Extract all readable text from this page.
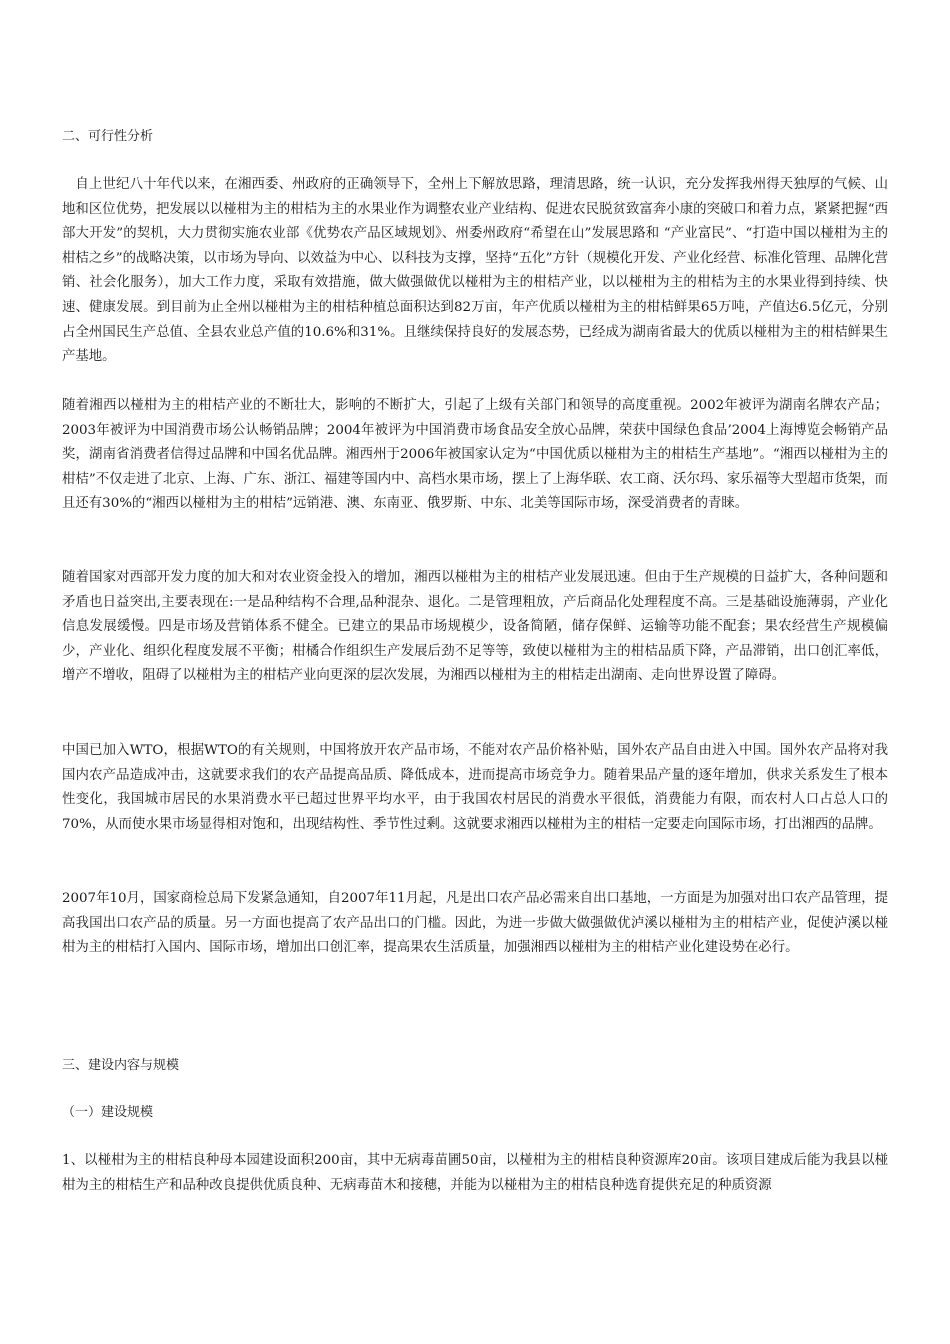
二、可行性分析
自上世纪八十年代以来，在湘西委、州政府的正确领导下，全州上下解放思路，理清思路，统一认识，充分发挥我州得天独厚的气候、山地和区位优势，把发展以以椪柑为主的柑桔为主的水果业作为调整农业产业结构、促进农民脱贫致富奔小康的突破口和着力点，紧紧把握“西部大开发”的契机，大力贯彻实施农业部《优势农产品区域规划》、州委州政府“希望在山”发展思路和 “产业富民”、“打造中国以椪柑为主的柑桔之乡”的战略决策，以市场为导向、以效益为中心、以科技为支撑，坚持“五化”方针（规模化开发、产业化经营、标准化管理、品牌化营销、社会化服务），加大工作力度，采取有效措施，做大做强做优以椪柑为主的柑桔产业，以以椪柑为主的柑桔为主的水果业得到持续、快速、健康发展。到目前为止全州以椪柑为主的柑桔种植总面积达到82万亩，年产优质以椪柑为主的柑桔鲜果65万吨，产值达6.5亿元，分别占全州国民生产总值、全县农业总产值的10.6%和31%。且继续保持良好的发展态势，已经成为湖南省最大的优质以椪柑为主的柑桔鲜果生产基地。
随着湘西以椪柑为主的柑桔产业的不断壮大，影响的不断扩大，引起了上级有关部门和领导的高度重视。2002年被评为湖南名牌农产品；2003年被评为中国消费市场公认畅销品牌；2004年被评为中国消费市场食品安全放心品牌，荣获中国绿色食品’2004上海博览会畅销产品奖，湖南省消费者信得过品牌和中国名优品牌。湘西州于2006年被国家认定为“中国优质以椪柑为主的柑桔生产基地”。“湘西以椪柑为主的柑桔”不仅走进了北京、上海、广东、浙江、福建等国内中、高档水果市场，摆上了上海华联、农工商、沃尔玛、家乐福等大型超市货架，而且还有30%的“湘西以椪柑为主的柑桔”远销港、澳、东南亚、俄罗斯、中东、北美等国际市场，深受消费者的青睐。
随着国家对西部开发力度的加大和对农业资金投入的增加，湘西以椪柑为主的柑桔产业发展迅速。但由于生产规模的日益扩大，各种问题和矛盾也日益突出,主要表现在:一是品种结构不合理,品种混杂、退化。二是管理粗放，产后商品化处理程度不高。三是基础设施薄弱，产业化信息发展缓慢。四是市场及营销体系不健全。已建立的果品市场规模少，设备简陋，储存保鲜、运输等功能不配套；果农经营生产规模偏少，产业化、组织化程度发展不平衡；柑橘合作组织生产发展后劲不足等等，致使以椪柑为主的柑桔品质下降，产品滞销，出口创汇率低，增产不增收，阻碍了以椪柑为主的柑桔产业向更深的层次发展，为湘西以椪柑为主的柑桔走出湖南、走向世界设置了障碍。
中国已加入WTO，根据WTO的有关规则，中国将放开农产品市场，不能对农产品价格补贴，国外农产品自由进入中国。国外农产品将对我国内农产品造成冲击，这就要求我们的农产品提高品质、降低成本，进而提高市场竞争力。随着果品产量的逐年增加，供求关系发生了根本性变化，我国城市居民的水果消费水平已超过世界平均水平，由于我国农村居民的消费水平很低，消费能力有限，而农村人口占总人口的70%，从而使水果市场显得相对饱和，出现结构性、季节性过剩。这就要求湘西以椪柑为主的柑桔一定要走向国际市场，打出湘西的品牌。
2007年10月，国家商检总局下发紧急通知，自2007年11月起，凡是出口农产品必需来自出口基地，一方面是为加强对出口农产品管理，提高我国出口农产品的质量。另一方面也提高了农产品出口的门槛。因此，为进一步做大做强做优泸溪以椪柑为主的柑桔产业，促使泸溪以椪柑为主的柑桔打入国内、国际市场，增加出口创汇率，提高果农生活质量，加强湘西以椪柑为主的柑桔产业化建设势在必行。
三、建设内容与规模
（一）建设规模
1、以椪柑为主的柑桔良种母本园建设面积200亩，其中无病毒苗圃50亩，以椪柑为主的柑桔良种资源库20亩。该项目建成后能为我县以椪柑为主的柑桔生产和品种改良提供优质良种、无病毒苗木和接穗，并能为以椪柑为主的柑桔良种选育提供充足的种质资源
